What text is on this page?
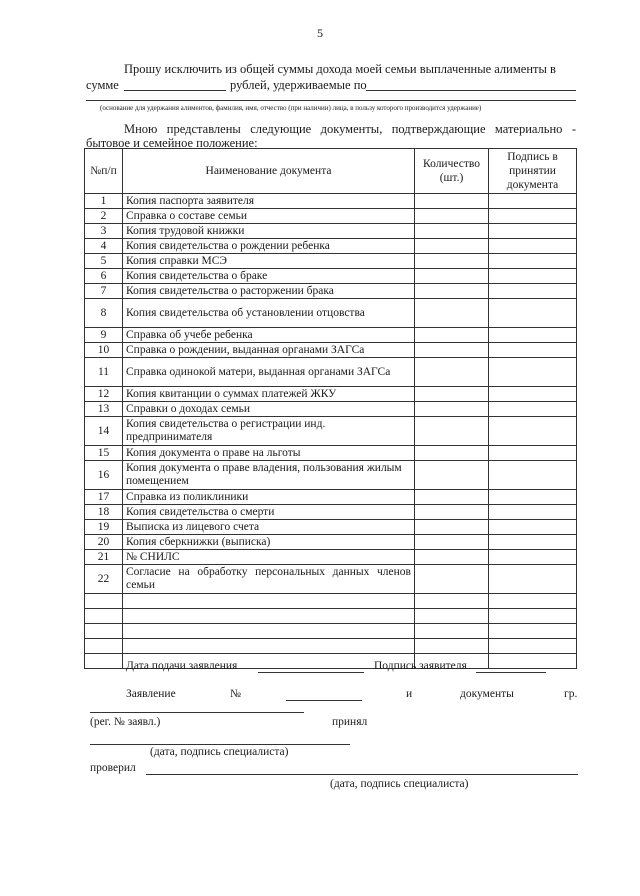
5
Прошу исключить из общей суммы дохода моей семьи выплаченные алименты в
сумме	рублей, удерживаемые по
(основание для удержания алиментов, фамилия, имя, отчество (при наличии) лица, в пользу которого производится удержание)
Мною представлены следующие документы, подтверждающие материально -
бытовое и семейное положение:
№п/п	Наименование документа	Количество (шт.)	Подпись в принятии документа
1	Копия паспорта заявителя		
2	Справка о составе семьи		
3	Копия трудовой книжки		
4	Копия свидетельства о рождении ребенка		
5	Копия справки МСЭ		
6	Копия свидетельства о браке		
7	Копия свидетельства о расторжении брака		
8	Копия свидетельства об установлении отцовства		
9	Справка об учебе ребенка		
10	Справка о рождении, выданная органами ЗАГСа		
11	Справка одинокой матери, выданная органами ЗАГСа		
12	Копия квитанции о суммах платежей ЖКУ		
13	Справки о доходах семьи		
14	Копия свидетельства о регистрации инд. предпринимателя		
15	Копия документа о праве на льготы		
16	Копия документа о праве владения, пользования жилым помещением		
17	Справка из поликлиники		
18	Копия свидетельства о смерти		
19	Выписка из лицевого счета		
20	Копия сберкнижки (выписка)		
21	№ СНИЛС		
22	Согласие на обработку персональных данных членов семьи		

Дата подачи заявления	Подпись заявителя
Заявление	№	и	документы	гр.
(рег. № заявл.)	принял
(дата, подпись специалиста)
проверил
(дата, подпись специалиста)
